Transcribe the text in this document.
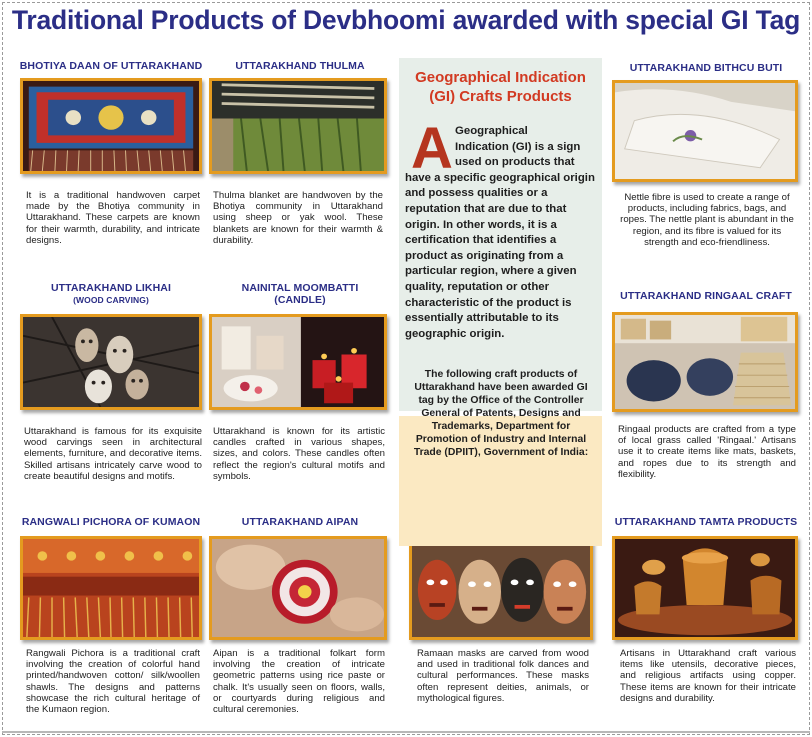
Traditional Products of Devbhoomi awarded with special GI Tag
BHOTIYA DAAN OF UTTARAKHAND

It is a traditional handwoven carpet made by the Bhotiya community in Uttarakhand. These carpets are known for their warmth, durability, and intricate designs.

UTTARAKHAND THULMA

Thulma blanket are handwoven by the Bhotiya community in Uttarakhand using sheep or yak wool. These blankets are known for their warmth & durability.

UTTARAKHAND BITHCU BUTI

Nettle fibre is used to create a range of products, including fabrics, bags, and ropes. The nettle plant is abundant in the region, and its fibre is valued for its strength and eco-friendliness.

UTTARAKHAND LIKHAI
(WOOD CARVING)

Uttarakhand is famous for its exquisite wood carvings seen in architectural elements, furniture, and decorative items. Skilled artisans intricately carve wood to create beautiful designs and motifs.

NAINITAL MOOMBATTI
(CANDLE)

Uttarakhand is known for its artistic candles crafted in various shapes, sizes, and colors. These candles often reflect the region's cultural motifs and symbols.

UTTARAKHAND RINGAAL CRAFT

Ringaal products are crafted from a type of local grass called 'Ringaal.' Artisans use it to create items like mats, baskets, and ropes due to its strength and flexibility.

RANGWALI PICHORA OF KUMAON

Rangwali Pichora is a traditional craft involving the creation of colorful hand printed/handwoven cotton/ silk/woollen shawls. The designs and patterns showcase the rich cultural heritage of the Kumaon region.

UTTARAKHAND AIPAN

Aipan is a traditional folkart form involving the creation of intricate geometric patterns using rice paste or chalk. It's usually seen on floors, walls, or courtyards during religious and cultural ceremonies.

Ramaan masks are carved from wood and used in traditional folk dances and cultural performances. These masks often represent deities, animals, or mythological figures.

UTTARAKHAND TAMTA PRODUCTS

Artisans in Uttarakhand craft various items like utensils, decorative pieces, and religious artifacts using copper. These items are known for their intricate designs and durability.

Geographical Indication
(GI) Crafts Products
A Geographical
Indication (GI) is a sign
used on products that
have a specific geographical origin and possess qualities or a reputation that are due to that origin. In other words, it is a certification that identifies a product as originating from a particular region, where a given quality, reputation or other characteristic of the product is essentially attributable to its geographic origin.

The following craft products of Uttarakhand have been awarded GI tag by the Office of the Controller General of Patents, Designs and Trademarks, Department for Promotion of Industry and Internal Trade (DPIIT), Government of India:
